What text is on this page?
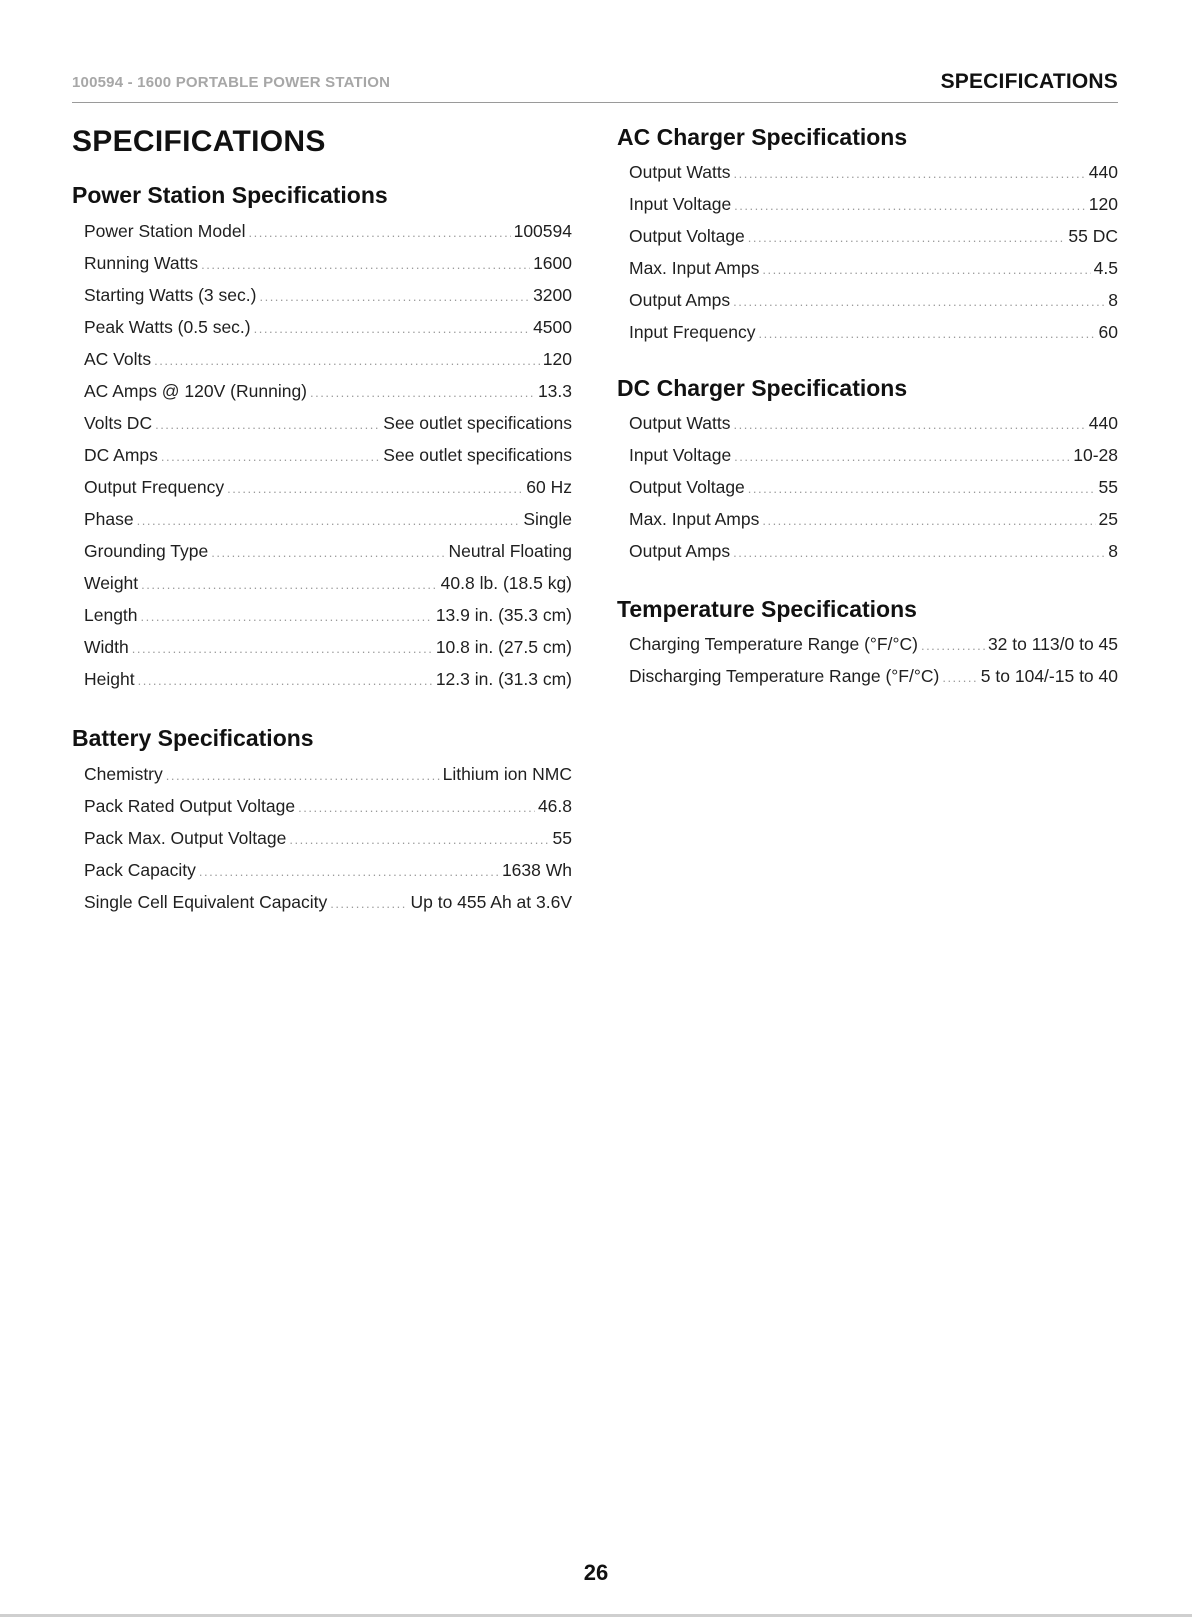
100594 - 1600 PORTABLE POWER STATION	SPECIFICATIONS
SPECIFICATIONS
Power Station Specifications
Power Station Model .....	100594
Running Watts .....	1600
Starting Watts (3 sec.) .....	3200
Peak Watts (0.5 sec.) .....	4500
AC Volts .....	120
AC Amps @ 120V (Running) .....	13.3
Volts DC .....	See outlet specifications
DC Amps .....	See outlet specifications
Output Frequency .....	60 Hz
Phase .....	Single
Grounding Type .....	Neutral Floating
Weight .....	40.8 lb. (18.5 kg)
Length .....	13.9 in. (35.3 cm)
Width .....	10.8 in. (27.5 cm)
Height .....	12.3 in. (31.3 cm)
Battery Specifications
Chemistry .....	Lithium ion NMC
Pack Rated Output Voltage .....	46.8
Pack Max. Output Voltage .....	55
Pack Capacity .....	1638 Wh
Single Cell Equivalent Capacity .....	Up to 455 Ah at 3.6V
AC Charger Specifications
Output Watts .....	440
Input Voltage .....	120
Output Voltage .....	55 DC
Max. Input Amps .....	4.5
Output Amps .....	8
Input Frequency .....	60
DC Charger Specifications
Output Watts .....	440
Input Voltage .....	10-28
Output Voltage .....	55
Max. Input Amps .....	25
Output Amps .....	8
Temperature Specifications
Charging Temperature Range (°F/°C) .....	32 to 113/0 to 45
Discharging Temperature Range (°F/°C) ..... 5 to 104/-15 to 40
26
